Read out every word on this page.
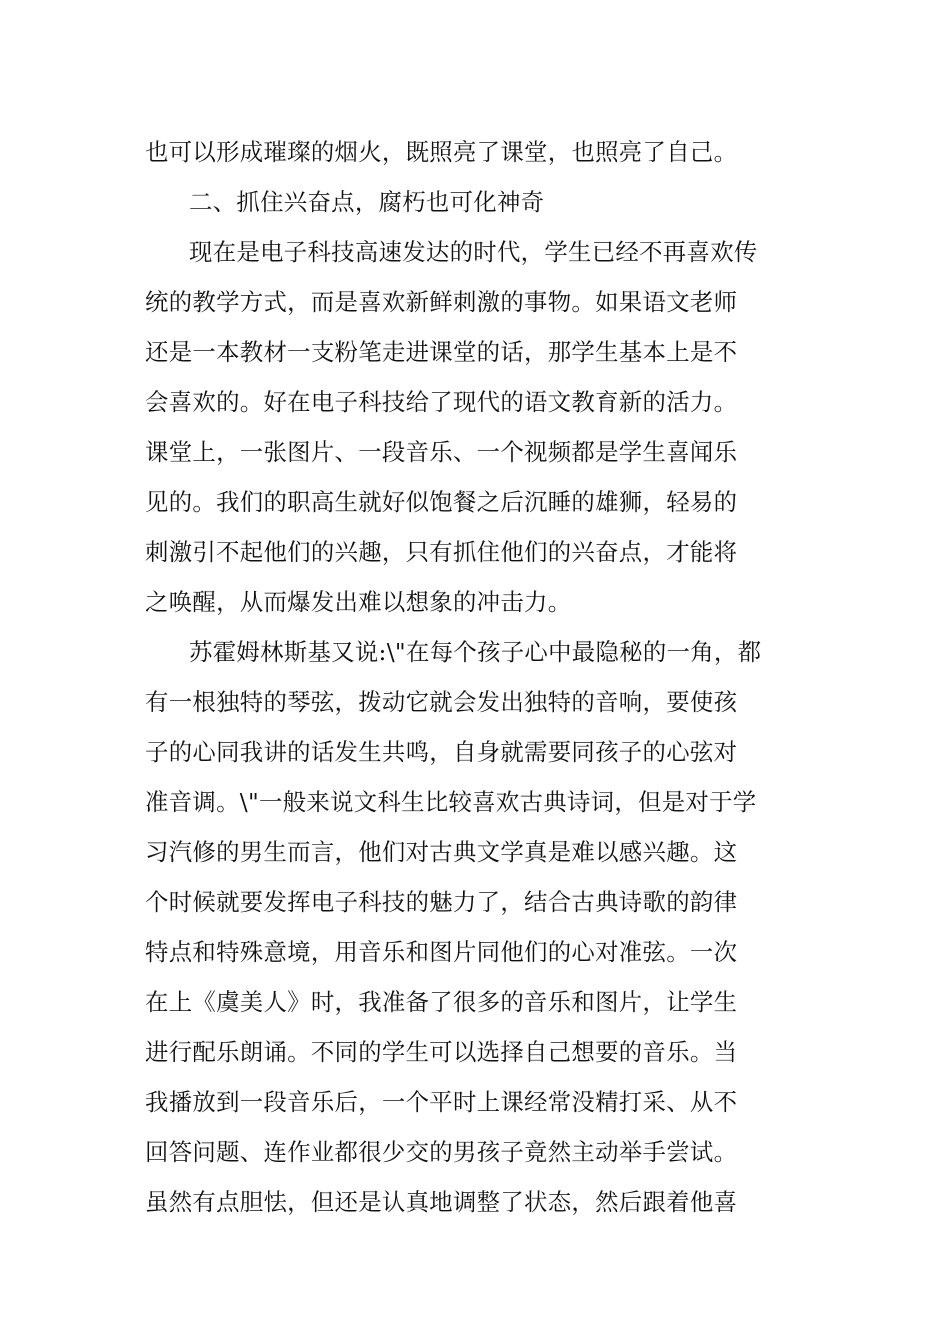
也可以形成璀璨的烟火，既照亮了课堂，也照亮了自己。
二、抓住兴奋点，腐朽也可化神奇
现在是电子科技高速发达的时代，学生已经不再喜欢传
统的教学方式，而是喜欢新鲜刺激的事物。如果语文老师
还是一本教材一支粉笔走进课堂的话，那学生基本上是不
会喜欢的。好在电子科技给了现代的语文教育新的活力。
课堂上，一张图片、一段音乐、一个视频都是学生喜闻乐
见的。我们的职高生就好似饱餐之后沉睡的雄狮，轻易的
刺激引不起他们的兴趣，只有抓住他们的兴奋点，才能将
之唤醒，从而爆发出难以想象的冲击力。
苏霍姆林斯基又说:\"在每个孩子心中最隐秘的一角，都
有一根独特的琴弦，拨动它就会发出独特的音响，要使孩
子的心同我讲的话发生共鸣，自身就需要同孩子的心弦对
准音调。\"一般来说文科生比较喜欢古典诗词，但是对于学
习汽修的男生而言，他们对古典文学真是难以感兴趣。这
个时候就要发挥电子科技的魅力了，结合古典诗歌的韵律
特点和特殊意境，用音乐和图片同他们的心对准弦。一次
在上《虞美人》时，我准备了很多的音乐和图片，让学生
进行配乐朗诵。不同的学生可以选择自己想要的音乐。当
我播放到一段音乐后，一个平时上课经常没精打采、从不
回答问题、连作业都很少交的男孩子竟然主动举手尝试。
虽然有点胆怯，但还是认真地调整了状态，然后跟着他喜
